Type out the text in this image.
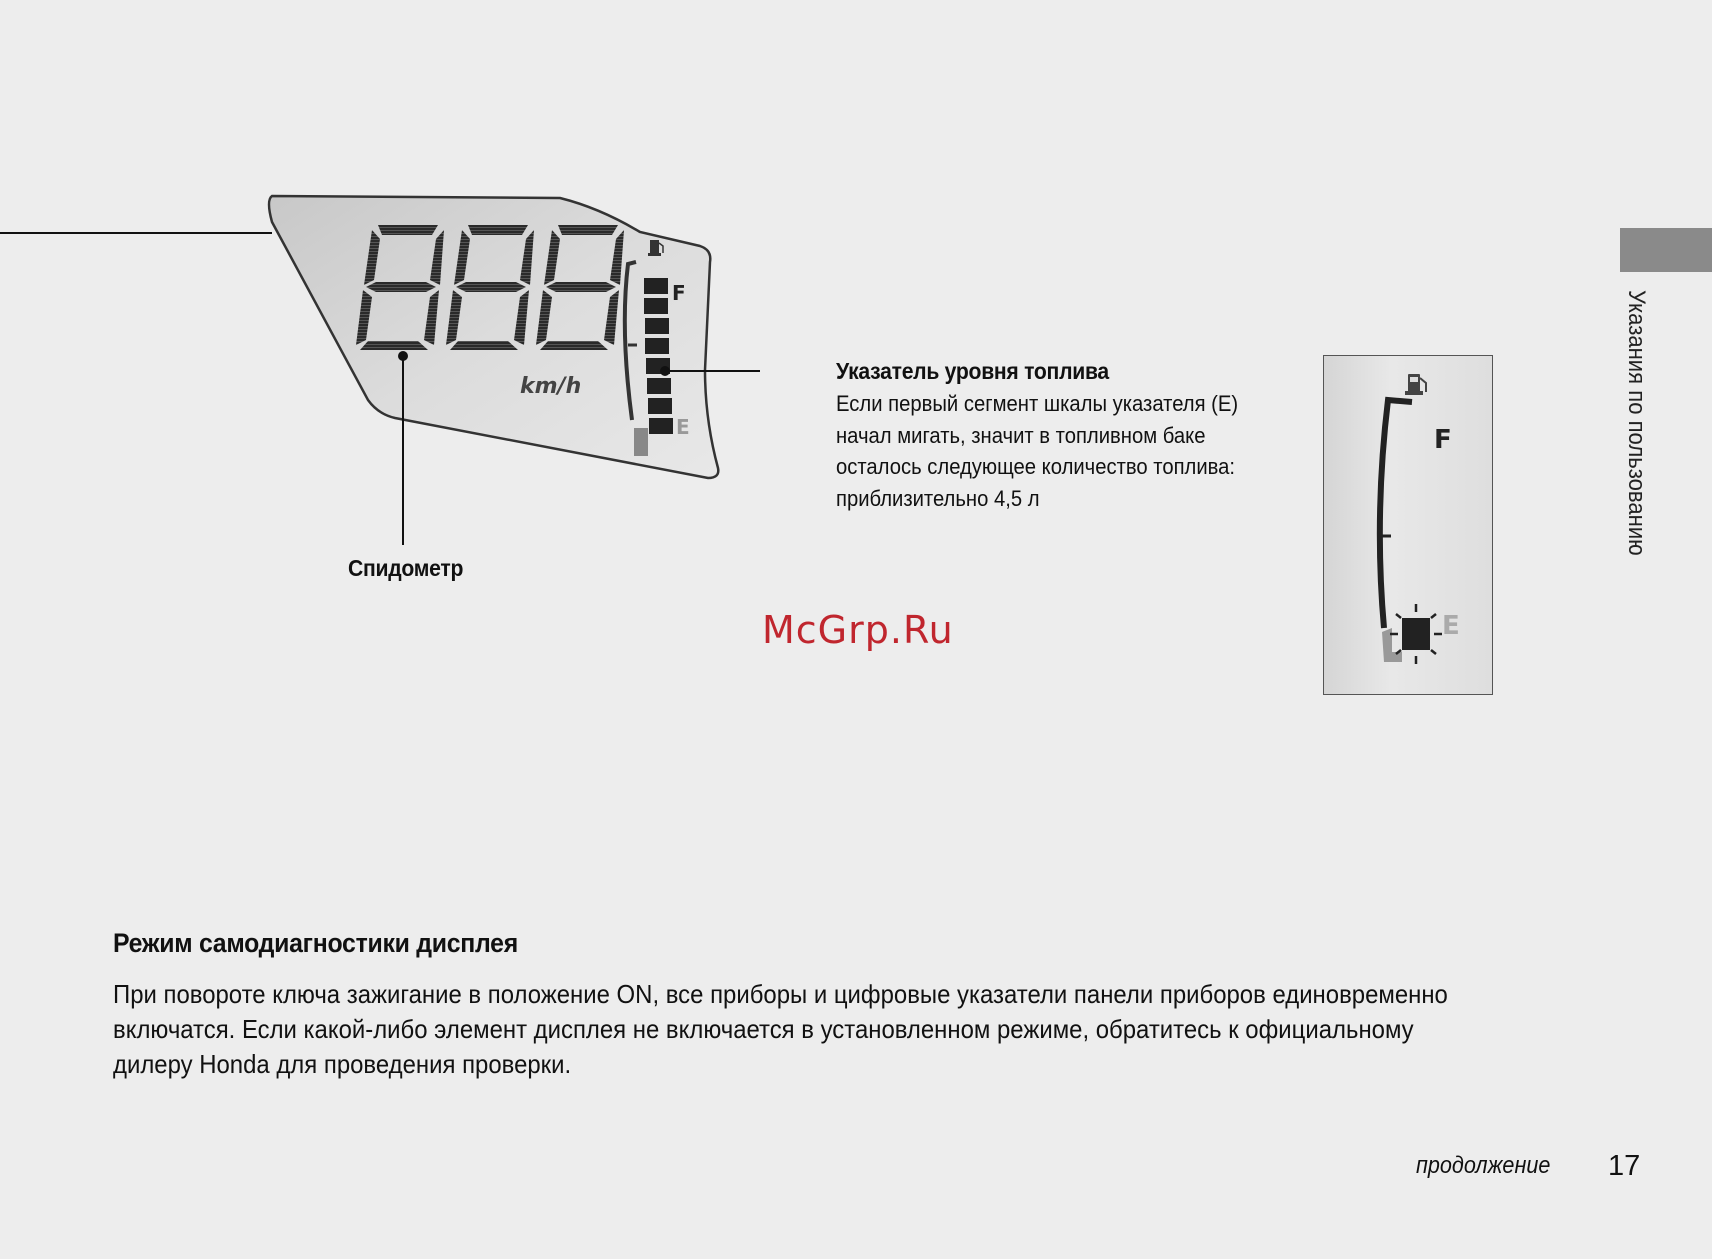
km/h
F
E
Спидометр
Указатель уровня топлива
Если первый сегмент шкалы указателя (E)
начал мигать, значит в топливном баке
осталось следующее количество топлива:
приблизительно 4,5 л
F
E
McGrp.Ru
Указания по пользованию
Режим самодиагностики дисплея
При повороте ключа зажигание в положение ON, все приборы и цифровые указатели панели приборов единовременно
включатся. Если какой-либо элемент дисплея не включается в установленном режиме, обратитесь к официальному
дилеру Honda для проведения проверки.
продолжение 17
